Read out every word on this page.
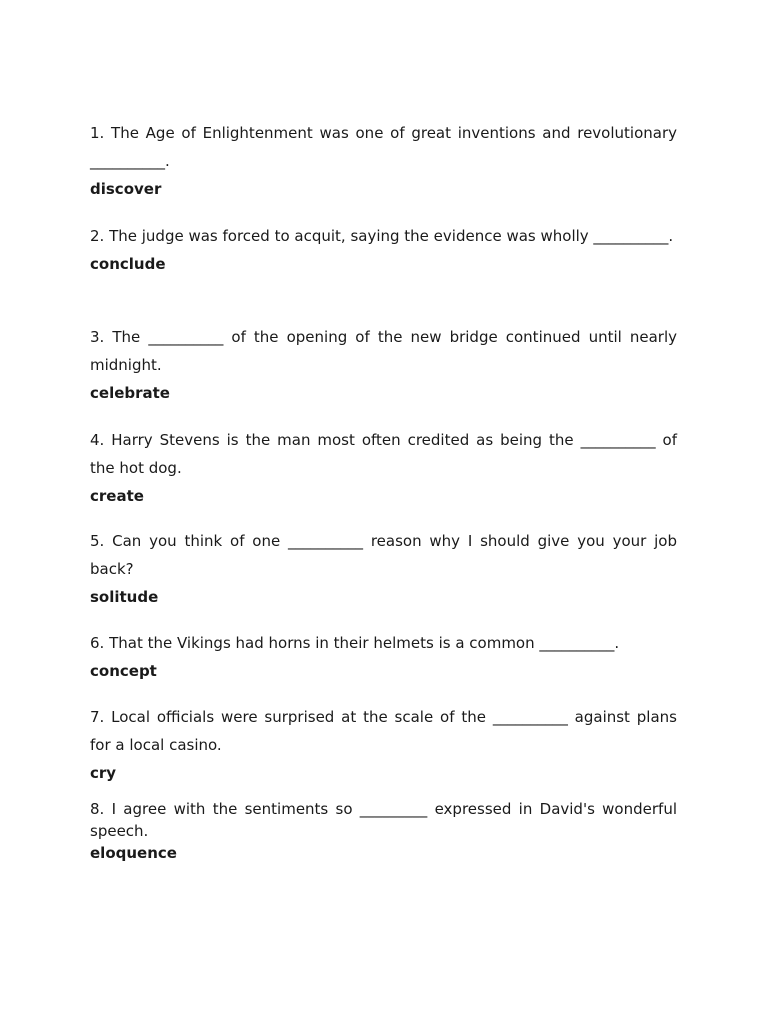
1. The Age of Enlightenment was one of great inventions and revolutionary __________.

discover

2. The judge was forced to acquit, saying the evidence was wholly __________.

conclude

3. The __________ of the opening of the new bridge continued until nearly midnight.

celebrate

4. Harry Stevens is the man most often credited as being the __________ of the hot dog.

create

5. Can you think of one __________ reason why I should give you your job back?

solitude

6. That the Vikings had horns in their helmets is a common __________.

concept

7. Local officials were surprised at the scale of the __________ against plans for a local casino.

cry

8. I agree with the sentiments so _________ expressed in David's wonderful speech.

eloquence
